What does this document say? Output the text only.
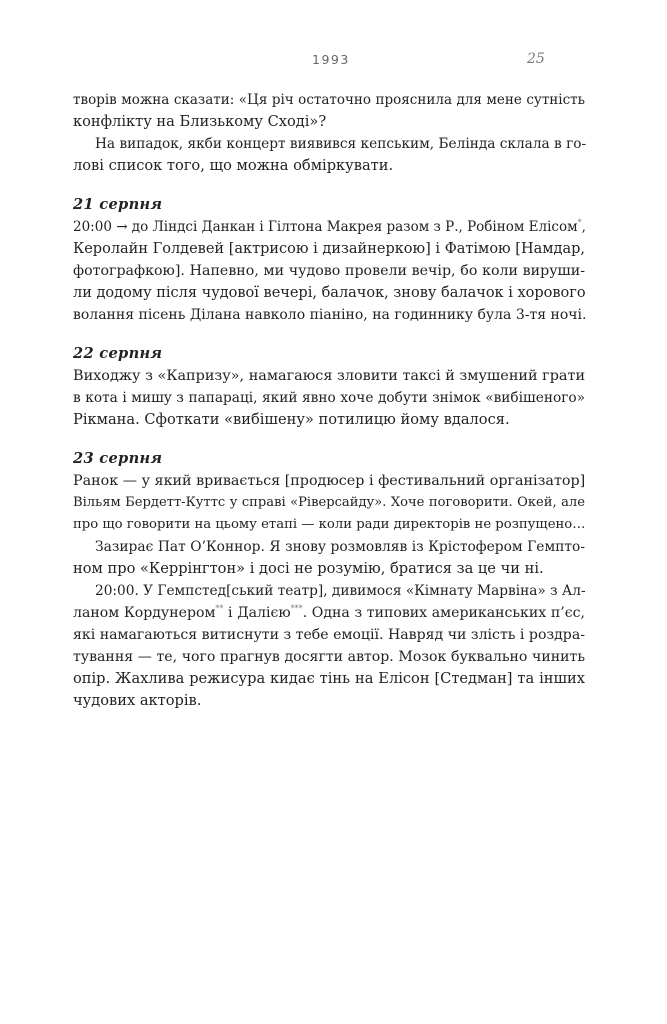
1993	25
творів можна сказати: «Ця річ остаточно прояснила для мене сутність
конфлікту на Близькому Сході»?
На випадок, якби концерт виявився кепським, Белінда склала в го-
лові список того, що можна обміркувати.
21 серпня
20:00 → до Ліндсі Данкан і Гілтона Макрея разом з Р., Робіном Елісом*,
Керолайн Голдевей [актрисою і дизайнеркою] і Фатімою [Намдар,
фотографкою]. Напевно, ми чудово провели вечір, бо коли вируши-
ли додому після чудової вечері, балачок, знову балачок і хорового
волання пісень Ділана навколо піаніно, на годиннику була 3-тя ночі.
22 серпня
Виходжу з «Капризу», намагаюся зловити таксі й змушений грати
в кота і мишу з папараці, який явно хоче добути знімок «вибішеного»
Рікмана. Сфоткати «вибішену» потилицю йому вдалося.
23 серпня
Ранок — у який вривається [продюсер і фестивальний організатор]
Вільям Бердетт-Куттс у справі «Ріверсайду». Хоче поговорити. Окей, але
про що говорити на цьому етапі — коли ради директорів не розпущено…
Зазирає Пат О’Коннор. Я знову розмовляв із Крістофером Гемпто-
ном про «Керрінгтон» і досі не розумію, братися за це чи ні.
20:00. У Гемпстед[ський театр], дивимося «Кімнату Марвіна» з Ал-
ланом Кордунером** і Далією***. Одна з типових американських п’єс,
які намагаються витиснути з тебе емоції. Навряд чи злість і роздра-
тування — те, чого прагнув досягти автор. Мозок буквально чинить
опір. Жахлива режисура кидає тінь на Елісон [Стедман] та інших
чудових акторів.
